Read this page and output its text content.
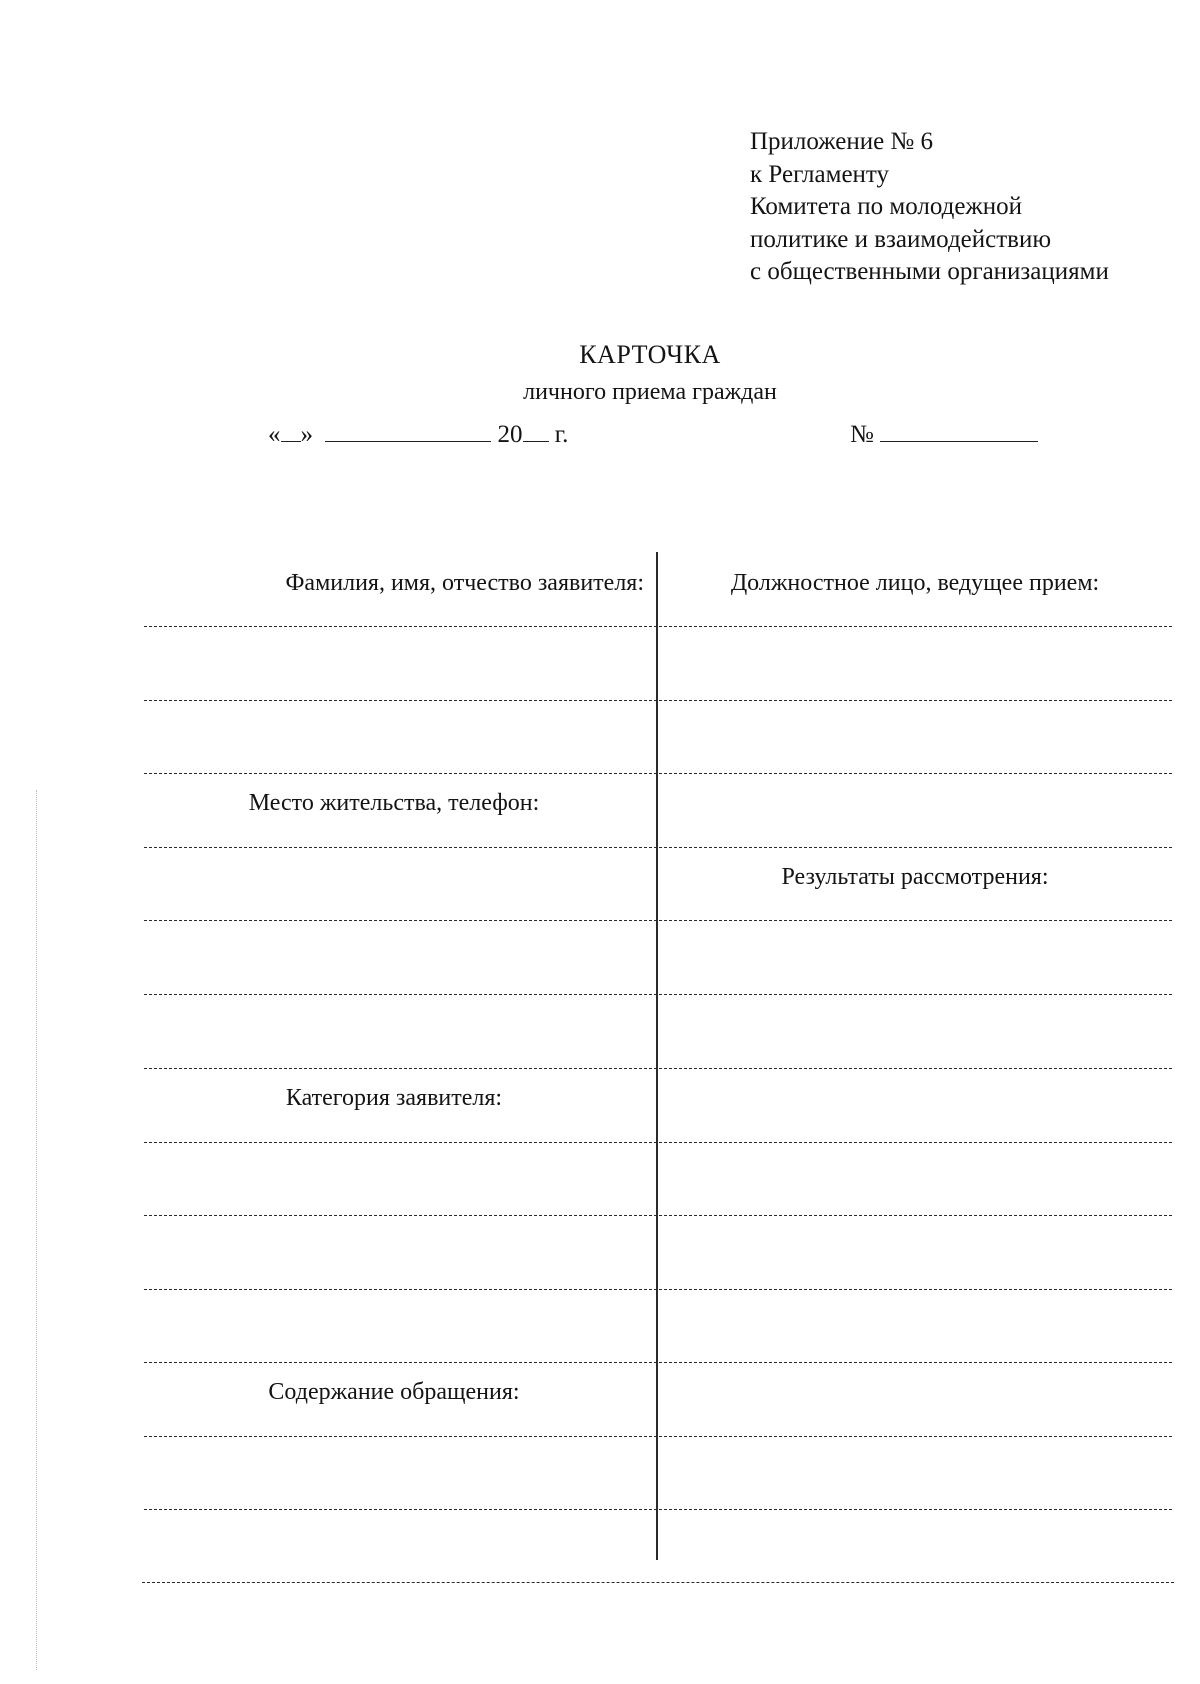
Приложение № 6
к Регламенту
Комитета по молодежной
политике и взаимодействию
с общественными организациями
КАРТОЧКА
личного приема граждан
« »	20 г.	№
Фамилия, имя, отчество заявителя:	Должностное лицо, ведущее прием:
Место жительства, телефон:
Результаты рассмотрения:
Категория заявителя:
Содержание обращения:
